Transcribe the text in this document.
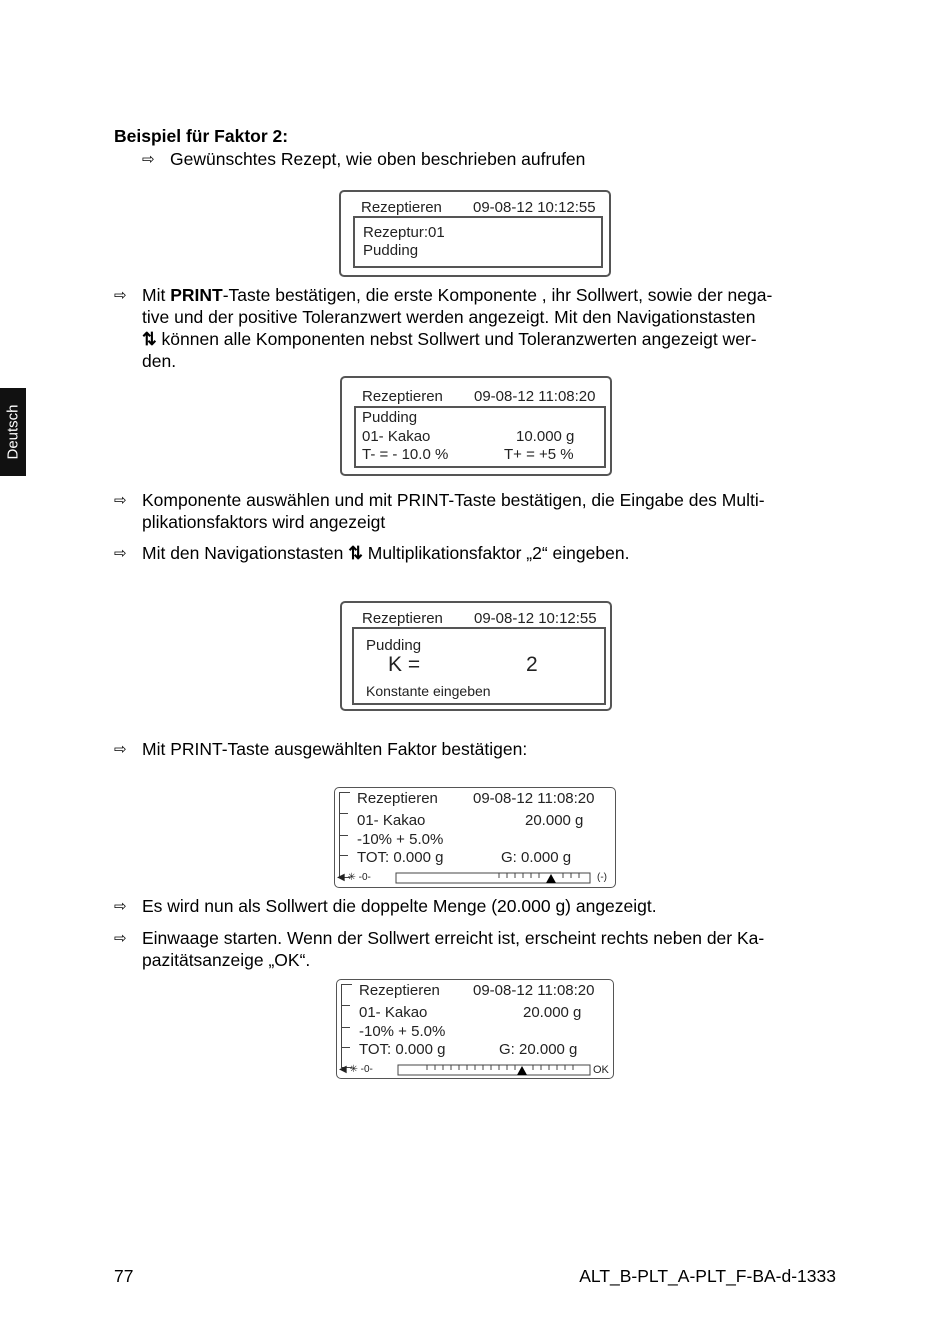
Deutsch
Beispiel für Faktor 2:
⇨ Gewünschtes Rezept, wie oben beschrieben aufrufen
Rezeptieren 09-08-12 10:12:55
Rezeptur:01
Pudding
⇨ Mit PRINT-Taste bestätigen, die erste Komponente , ihr Sollwert, sowie der nega-
tive und der positive Toleranzwert werden angezeigt. Mit den Navigationstasten
⇅ können alle Komponenten nebst Sollwert und Toleranzwerten angezeigt wer-
den.
Rezeptieren 09-08-12 11:08:20
Pudding
01- Kakao	10.000 g
T- = - 10.0 %	T+ = +5 %
⇨ Komponente auswählen und mit PRINT-Taste bestätigen, die Eingabe des Multi-
plikationsfaktors wird angezeigt
⇨ Mit den Navigationstasten ⇅ Multiplikationsfaktor „2“ eingeben.
Rezeptieren 09-08-12 10:12:55
Pudding
K =	2
Konstante eingeben
⇨ Mit PRINT-Taste ausgewählten Faktor bestätigen:
Rezeptieren 09-08-12 11:08:20
01- Kakao	20.000 g
-10% + 5.0%
TOT: 0.000 g	G: 0.000 g
◀ ✳ -0-	(-)
⇨ Es wird nun als Sollwert die doppelte Menge (20.000 g) angezeigt.
⇨ Einwaage starten. Wenn der Sollwert erreicht ist, erscheint rechts neben der Ka-
pazitätsanzeige „OK“.
Rezeptieren 09-08-12 11:08:20
01- Kakao	20.000 g
-10% + 5.0%
TOT: 0.000 g	G: 20.000 g
◀ ✳ -0-	OK
77	ALT_B-PLT_A-PLT_F-BA-d-1333
